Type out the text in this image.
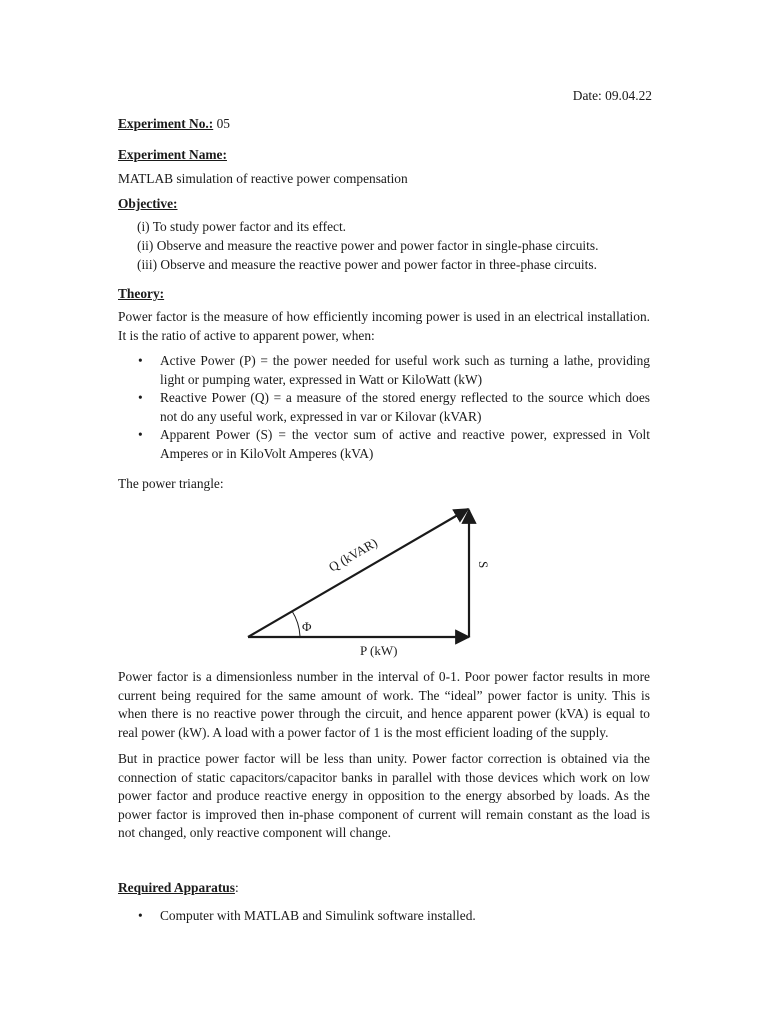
Date: 09.04.22
Experiment No.: 05
Experiment Name:
MATLAB simulation of reactive power compensation
Objective:
(i) To study power factor and its effect.
(ii) Observe and measure the reactive power and power factor in single-phase circuits.
(iii) Observe and measure the reactive power and power factor in three-phase circuits.
Theory:

Power factor is the measure of how efficiently incoming power is used in an electrical installation. It is the ratio of active to apparent power, when:

• Active Power (P) = the power needed for useful work such as turning a lathe, providing light or pumping water, expressed in Watt or KiloWatt (kW)
• Reactive Power (Q) = a measure of the stored energy reflected to the source which does not do any useful work, expressed in var or Kilovar (kVAR)
• Apparent Power (S) = the vector sum of active and reactive power, expressed in Volt Amperes or in KiloVolt Amperes (kVA)
The power triangle:
Q (kVAR)	S
P (kW)
Φ

Power factor is a dimensionless number in the interval of 0-1. Poor power factor results in more current being required for the same amount of work. The “ideal” power factor is unity. This is when there is no reactive power through the circuit, and hence apparent power (kVA) is equal to real power (kW). A load with a power factor of 1 is the most efficient loading of the supply.

But in practice power factor will be less than unity. Power factor correction is obtained via the connection of static capacitors/capacitor banks in parallel with those devices which work on low power factor and produce reactive energy in opposition to the energy absorbed by loads. As the power factor is improved then in-phase component of current will remain constant as the load is not changed, only reactive component will change.

Required Apparatus:
• Computer with MATLAB and Simulink software installed.
